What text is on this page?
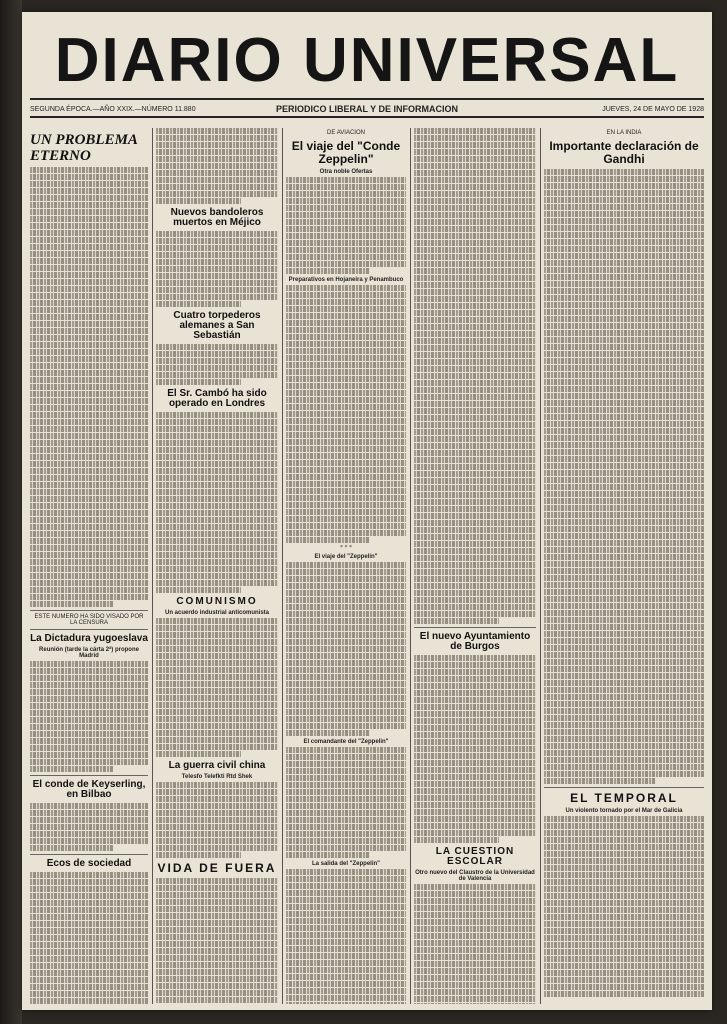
DIARIO UNIVERSAL
SEGUNDA ÉPOCA.—AÑO XXIX.—NÚMERO 11.880	PERIODICO LIBERAL Y DE INFORMACION	JUEVES, 24 DE MAYO DE 1928
UN PROBLEMA ETERNO
ESTE NUMERO HA SIDO VISADO POR LA CENSURA
La Dictadura yugoeslava
Reunión (tarde la cárta 2ª) propone Madrid
El conde de Keyserling, en Bilbao
Ecos de sociedad
Nuevos bandoleros muertos en Méjico
Cuatro torpederos alemanes a San Sebastián
El Sr. Cambó ha sido operado en Londres
COMUNISMO
Un acuerdo industrial anticomunista
La guerra civil china
Telesfo Telefkti Rtd Shek
VIDA DE FUERA
DE AVIACION
El viaje del "Conde Zeppelin"
Otra noble Ofertas
Preparativos en Hojaneira y Penambuco
* * *
El viaje del "Zeppelin"
El comandante del "Zeppelin"
La salida del "Zeppelin"
El nuevo Ayuntamiento de Burgos
LA CUESTION ESCOLAR
Otro nuevo del Claustro de la Universidad de Valencia
EN LA INDIA
Importante declaración de Gandhi
EL TEMPORAL
Un violento tornado por el Mar de Galicia
